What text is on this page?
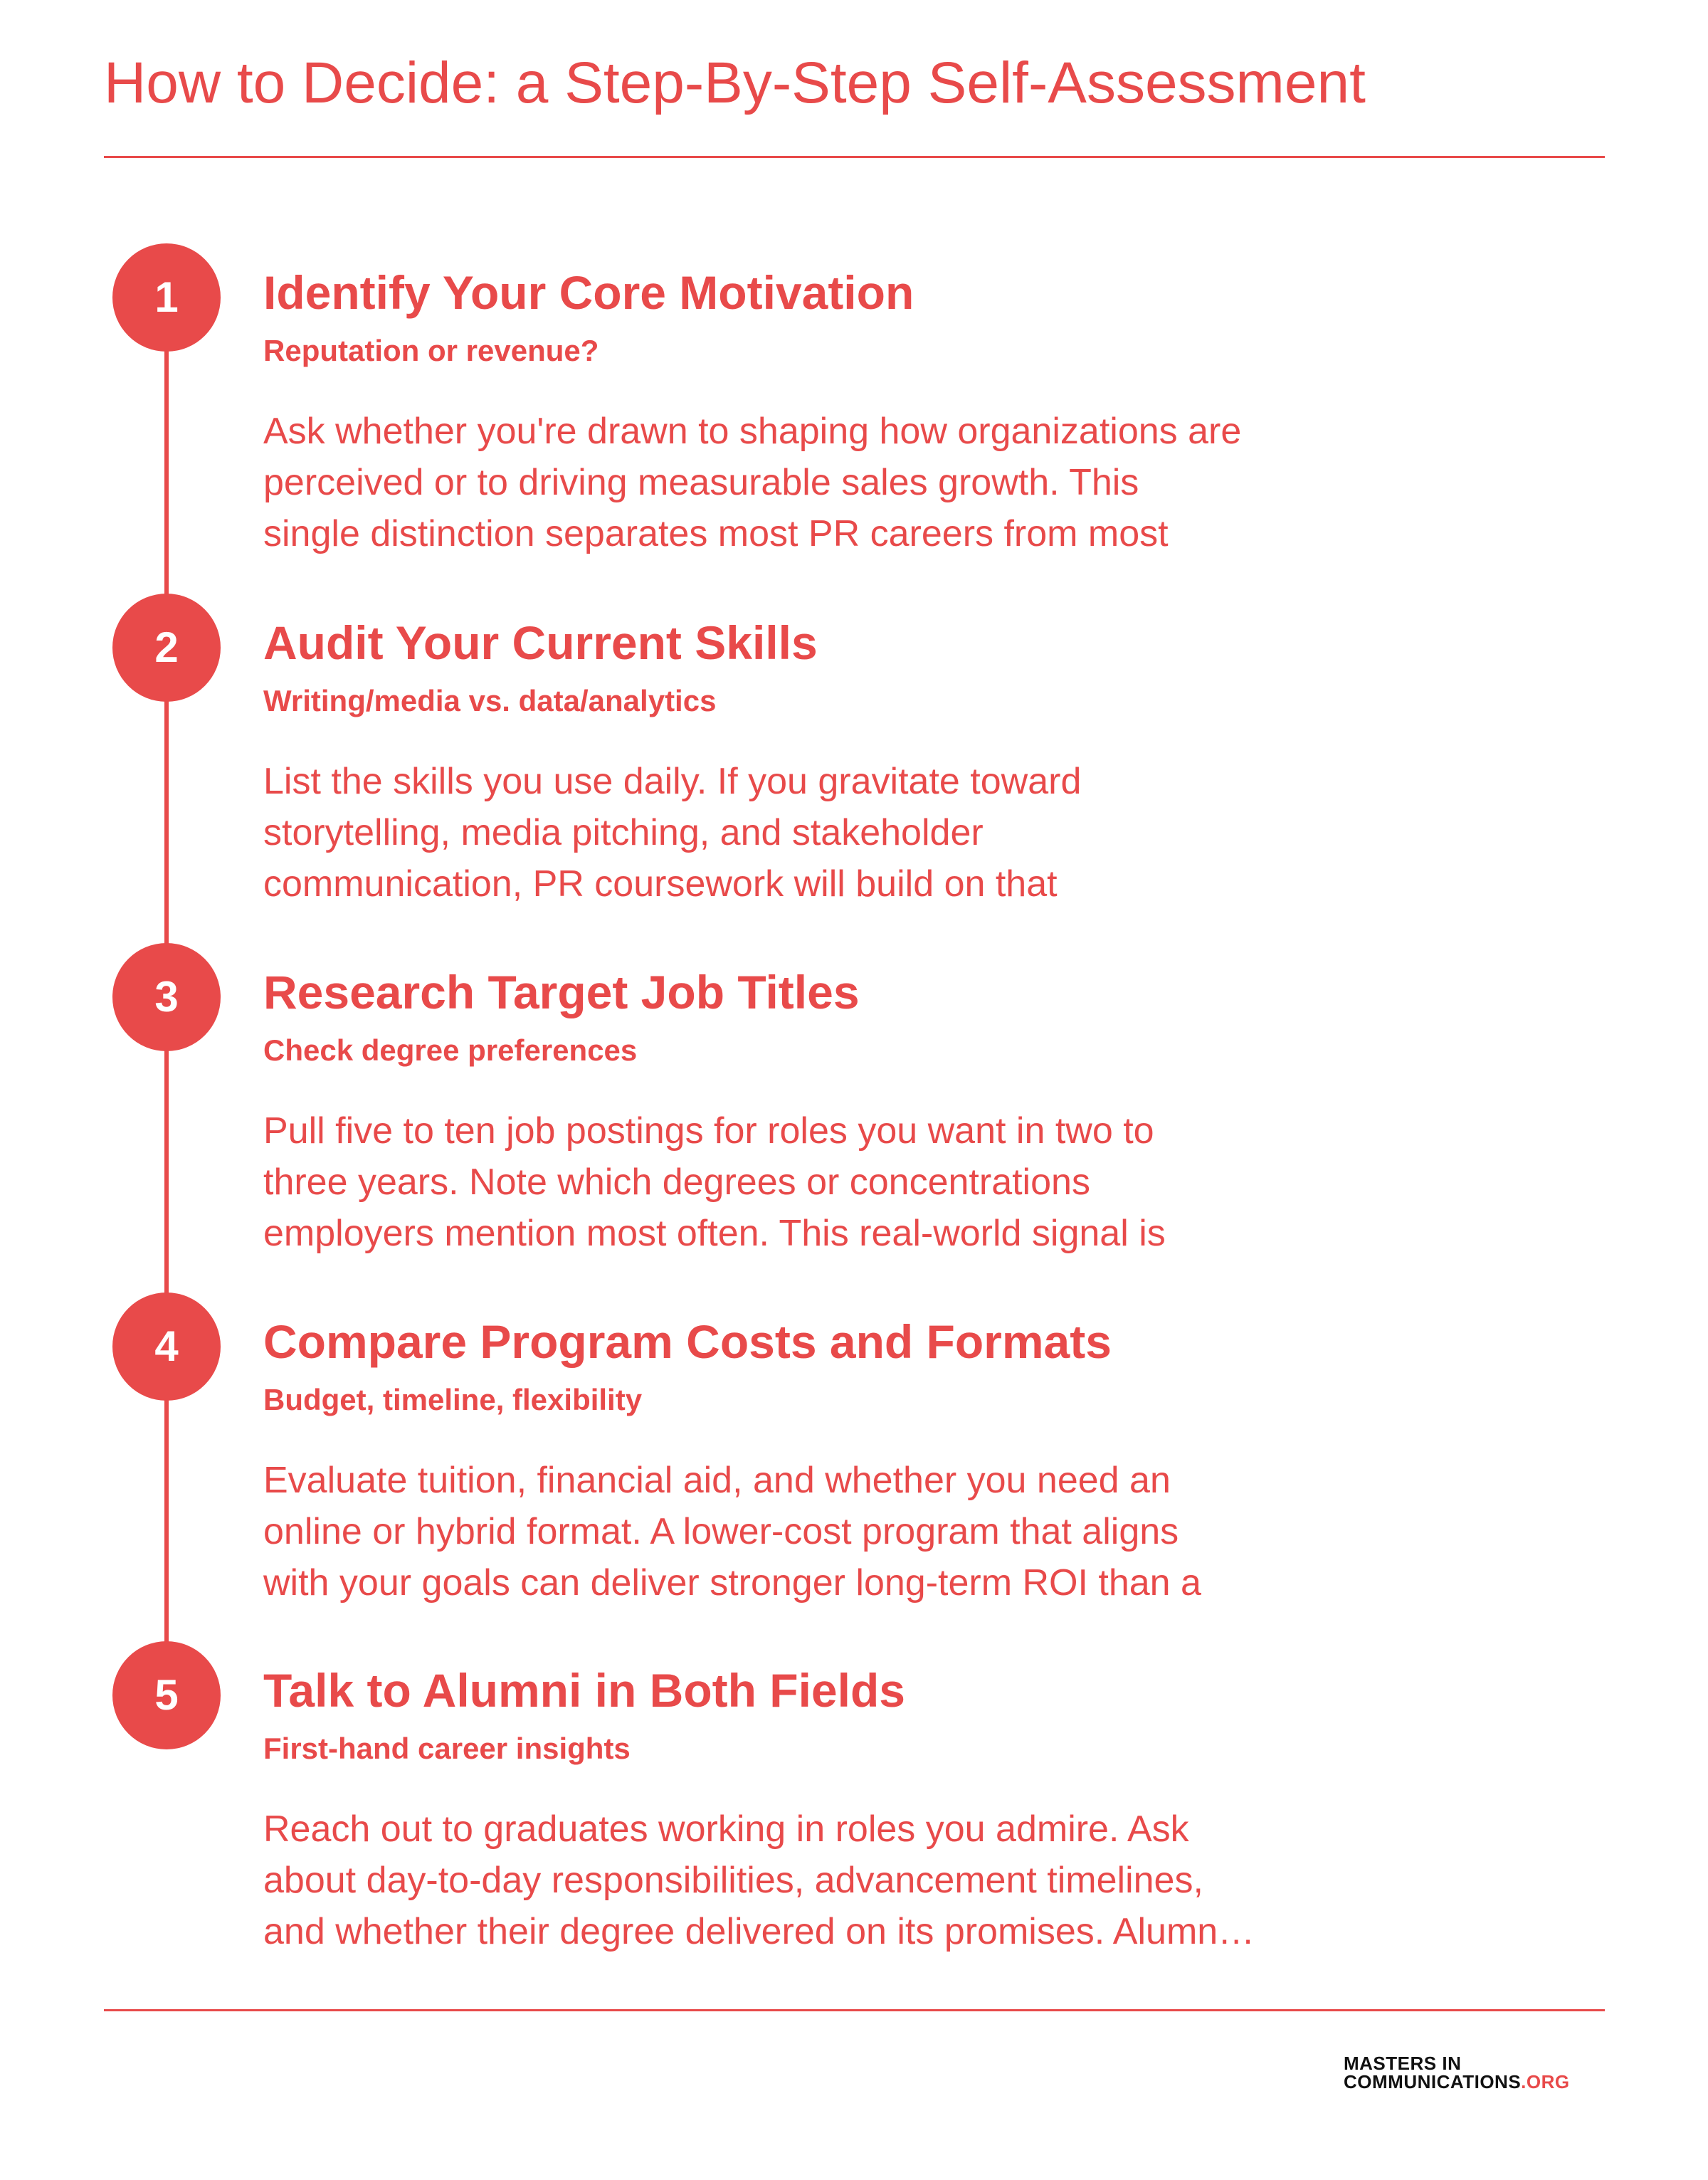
How to Decide: a Step-By-Step Self-Assessment
1	Identify Your Core Motivation
Reputation or revenue?
Ask whether you're drawn to shaping how organizations are
perceived or to driving measurable sales growth. This
single distinction separates most PR careers from most
2	Audit Your Current Skills
Writing/media vs. data/analytics
List the skills you use daily. If you gravitate toward
storytelling, media pitching, and stakeholder
communication, PR coursework will build on that
3	Research Target Job Titles
Check degree preferences
Pull five to ten job postings for roles you want in two to
three years. Note which degrees or concentrations
employers mention most often. This real-world signal is
4	Compare Program Costs and Formats
Budget, timeline, flexibility
Evaluate tuition, financial aid, and whether you need an
online or hybrid format. A lower-cost program that aligns
with your goals can deliver stronger long-term ROI than a
5	Talk to Alumni in Both Fields
First-hand career insights
Reach out to graduates working in roles you admire. Ask
about day-to-day responsibilities, advancement timelines,
and whether their degree delivered on its promises. Alumn…
MASTERS IN
COMMUNICATIONS.ORG
